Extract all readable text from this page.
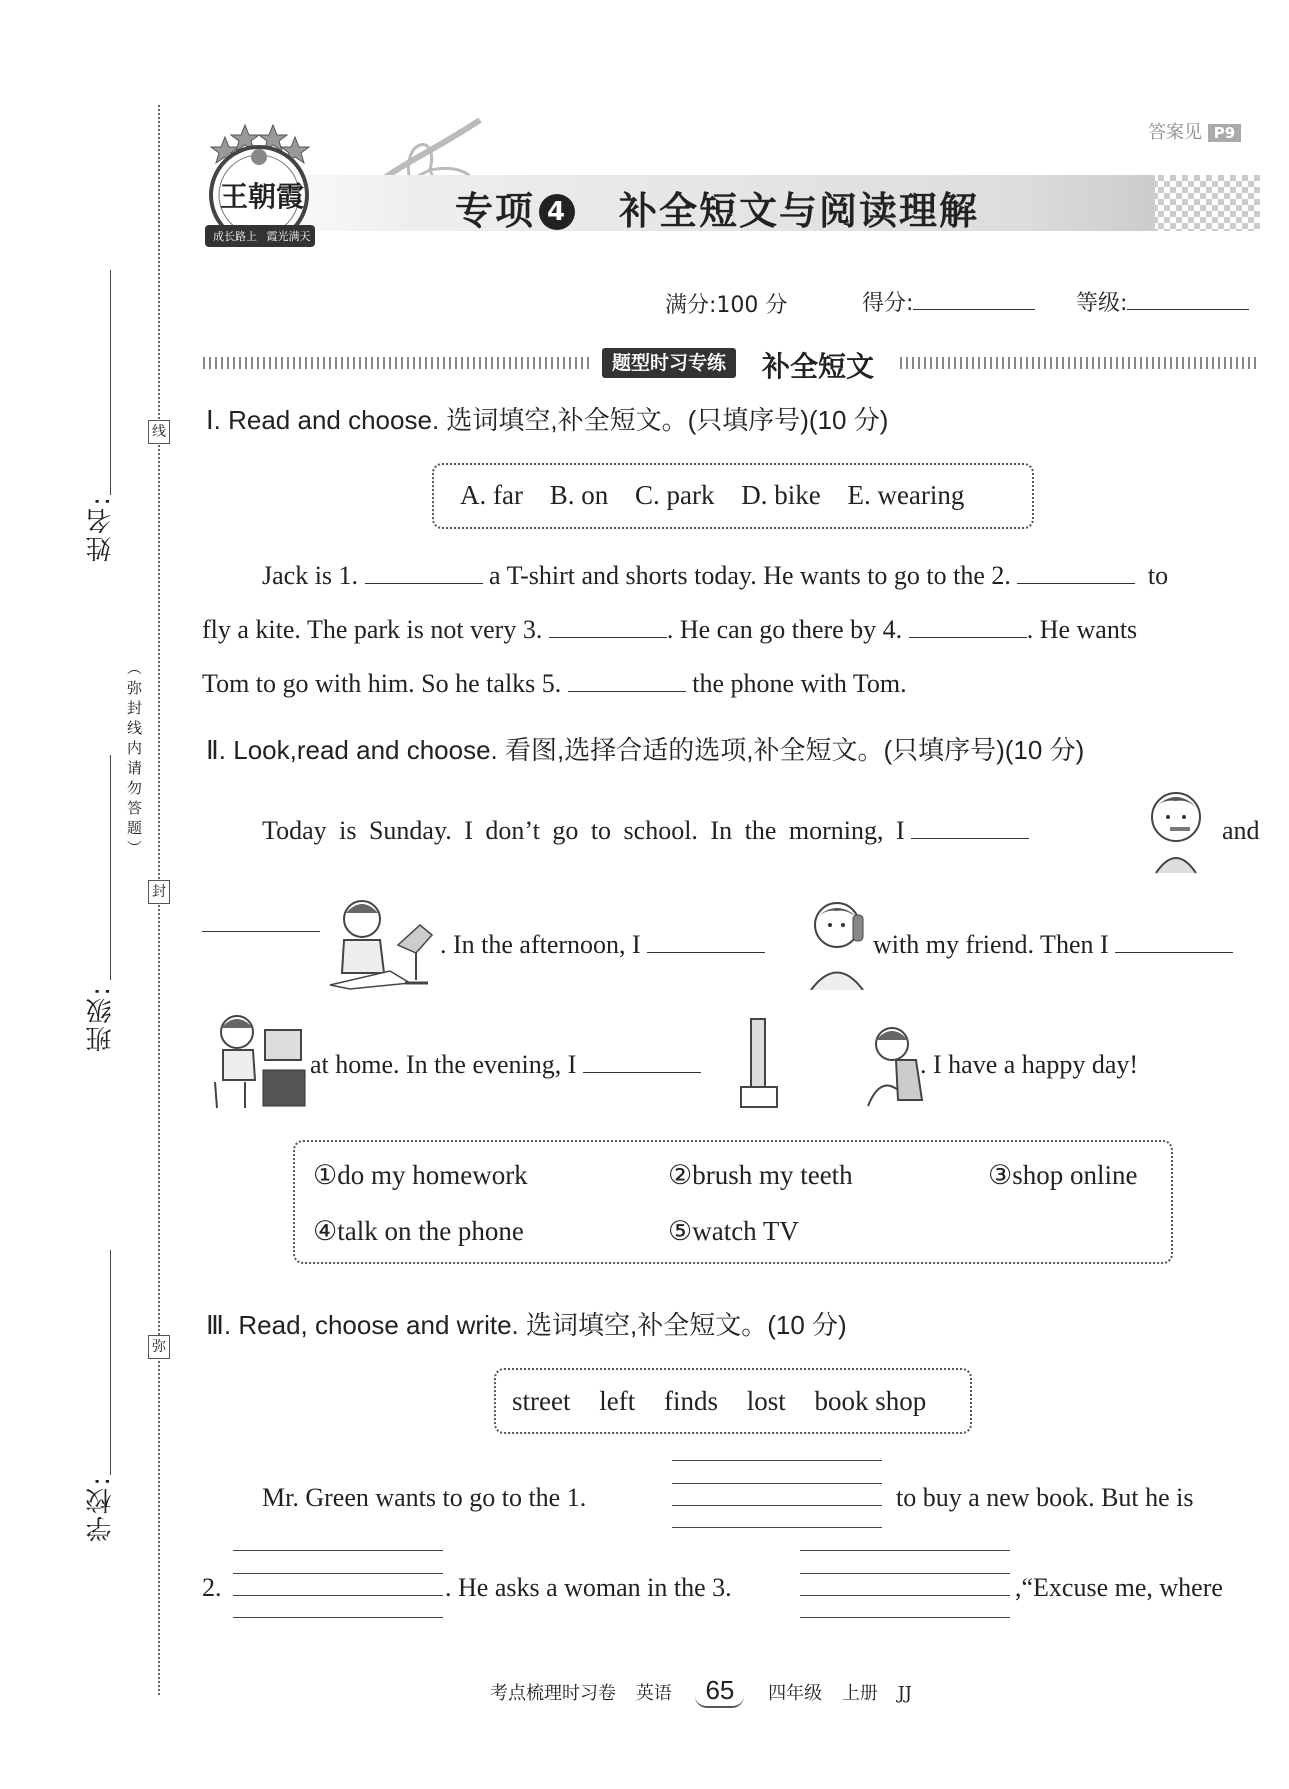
姓名:
班级:
学校:
线
封
弥
（弥封线内请勿答题）
答案见 P9
专项 4 补全短文与阅读理解
王朝霞
成长路上 霞光满天
满分:100 分	得分:	等级:
题型时习专练	补全短文
Ⅰ. Read and choose. 选词填空,补全短文。(只填序号)(10 分)
A. far B. on C. park D. bike E. wearing
Jack is 1.	a T-shirt and shorts today. He wants to go to the 2.	to
fly a kite. The park is not very 3.	. He can go there by 4.	. He wants
Tom to go with him. So he talks 5.	the phone with Tom.
Ⅱ. Look,read and choose. 看图,选择合适的选项,补全短文。(只填序号)(10 分)
Today is Sunday. I don’t go to school. In the morning, I	and
. In the afternoon, I	with my friend. Then I
at home. In the evening, I	. I have a happy day!
①do my homework	②brush my teeth	③shop online
④talk on the phone	⑤watch TV
Ⅲ. Read, choose and write. 选词填空,补全短文。(10 分)
street left finds lost book shop
Mr. Green wants to go to the 1.	to buy a new book. But he is
2.	. He asks a woman in the 3.	,“Excuse me, where
考点梳理时习卷 英语 65 四年级 上册 JJ
